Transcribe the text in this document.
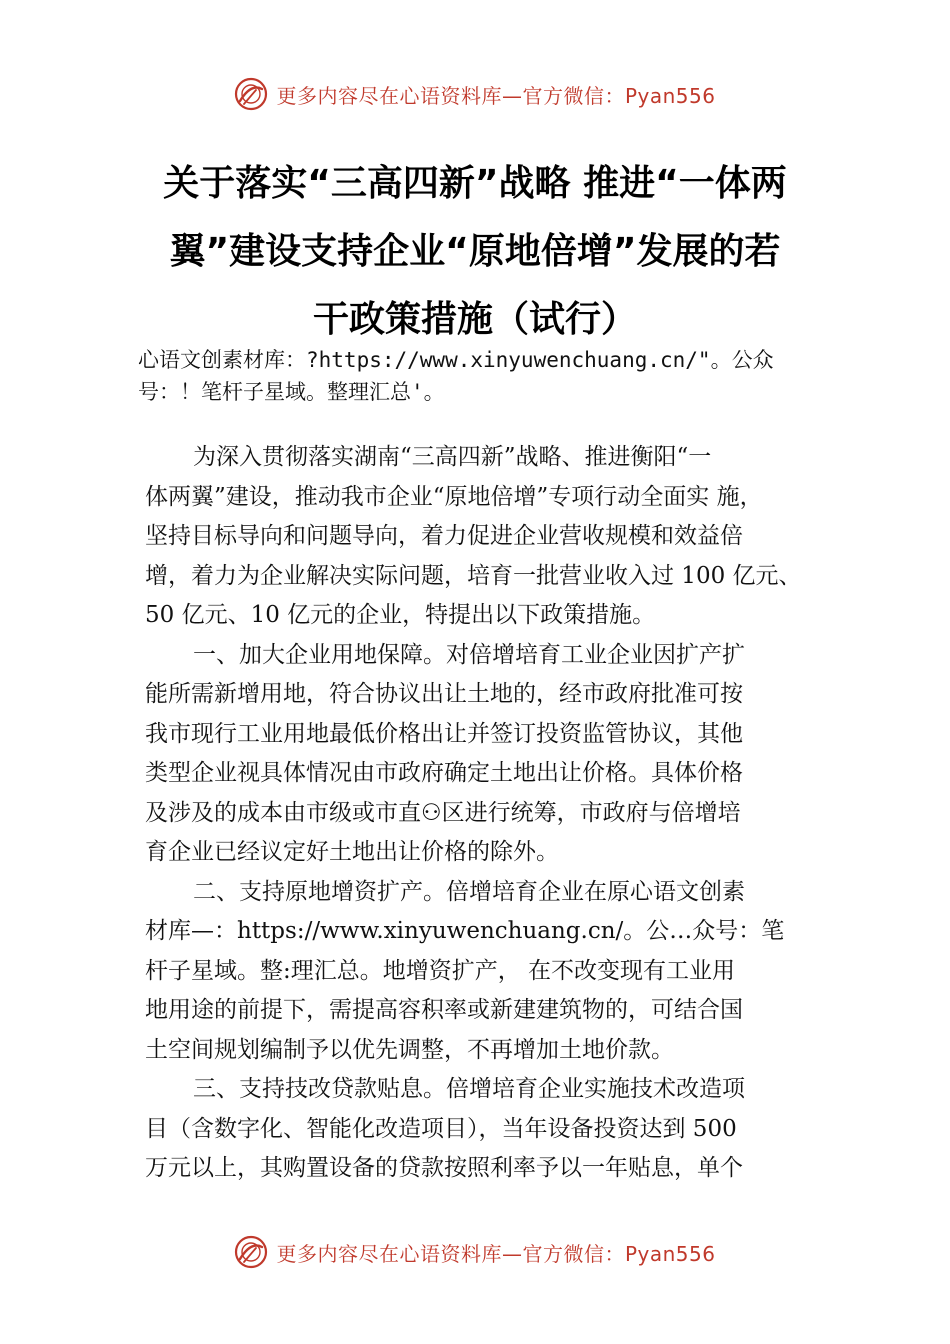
更多内容尽在心语资料库—官方微信：Pyan556
关于落实“三高四新”战略 推进“一体两
翼”建设支持企业“原地倍增”发展的若
干政策措施（试行）
心语文创素材库：?https://www.xinyuwenchuang.cn/"。公众
号：！笔杆子星域。整理汇总'。
为深入贯彻落实湖南“三高四新”战略、推进衡阳“一
体两翼”建设，推动我市企业“原地倍增”专项行动全面实 施，
坚持目标导向和问题导向，着力促进企业营收规模和效益倍
增，着力为企业解决实际问题，培育一批营业收入过 100 亿元、
50 亿元、10 亿元的企业，特提出以下政策措施。
一、加大企业用地保障。对倍增培育工业企业因扩产扩
能所需新增用地，符合协议出让土地的，经市政府批准可按
我市现行工业用地最低价格出让并签订投资监管协议，其他
类型企业视具体情况由市政府确定土地出让价格。具体价格
及涉及的成本由市级或市直⚇区进行统筹，市政府与倍增培
育企业已经议定好土地出让价格的除外。
二、支持原地增资扩产。倍增培育企业在原心语文创素
材库—：https://www.xinyuwenchuang.cn/。公…众号：笔
杆子星域。整:理汇总。地增资扩产， 在不改变现有工业用
地用途的前提下，需提高容积率或新建建筑物的，可结合国
土空间规划编制予以优先调整，不再增加土地价款。
三、支持技改贷款贴息。倍增培育企业实施技术改造项
目（含数字化、智能化改造项目），当年设备投资达到 500
万元以上，其购置设备的贷款按照利率予以一年贴息，单个
更多内容尽在心语资料库—官方微信：Pyan556
